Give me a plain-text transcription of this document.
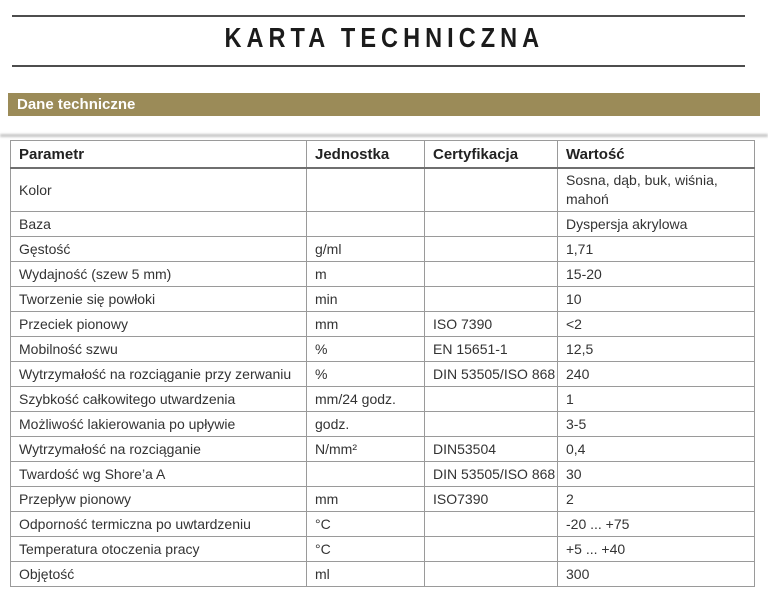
KARTA TECHNICZNA
Dane techniczne
Parametr	Jednostka	Certyfikacja	Wartość
Kolor			Sosna, dąb, buk, wiśnia, mahoń
Baza			Dyspersja akrylowa
Gęstość	g/ml		1,71
Wydajność (szew 5 mm)	m		15-20
Tworzenie się powłoki	min		10
Przeciek pionowy	mm	ISO 7390	<2
Mobilność szwu	%	EN 15651-1	12,5
Wytrzymałość na rozciąganie przy zerwaniu	%	DIN 53505/ISO 868	240
Szybkość całkowitego utwardzenia	mm/24 godz.		1
Możliwość lakierowania po upływie	godz.		3-5
Wytrzymałość na rozciąganie	N/mm²	DIN53504	0,4
Twardość wg Shore’a A		DIN 53505/ISO 868	30
Przepływ pionowy	mm	ISO7390	2
Odporność termiczna po uwtardzeniu	°C		-20 ... +75
Temperatura otoczenia pracy	°C		+5 ... +40
Objętość	ml		300
